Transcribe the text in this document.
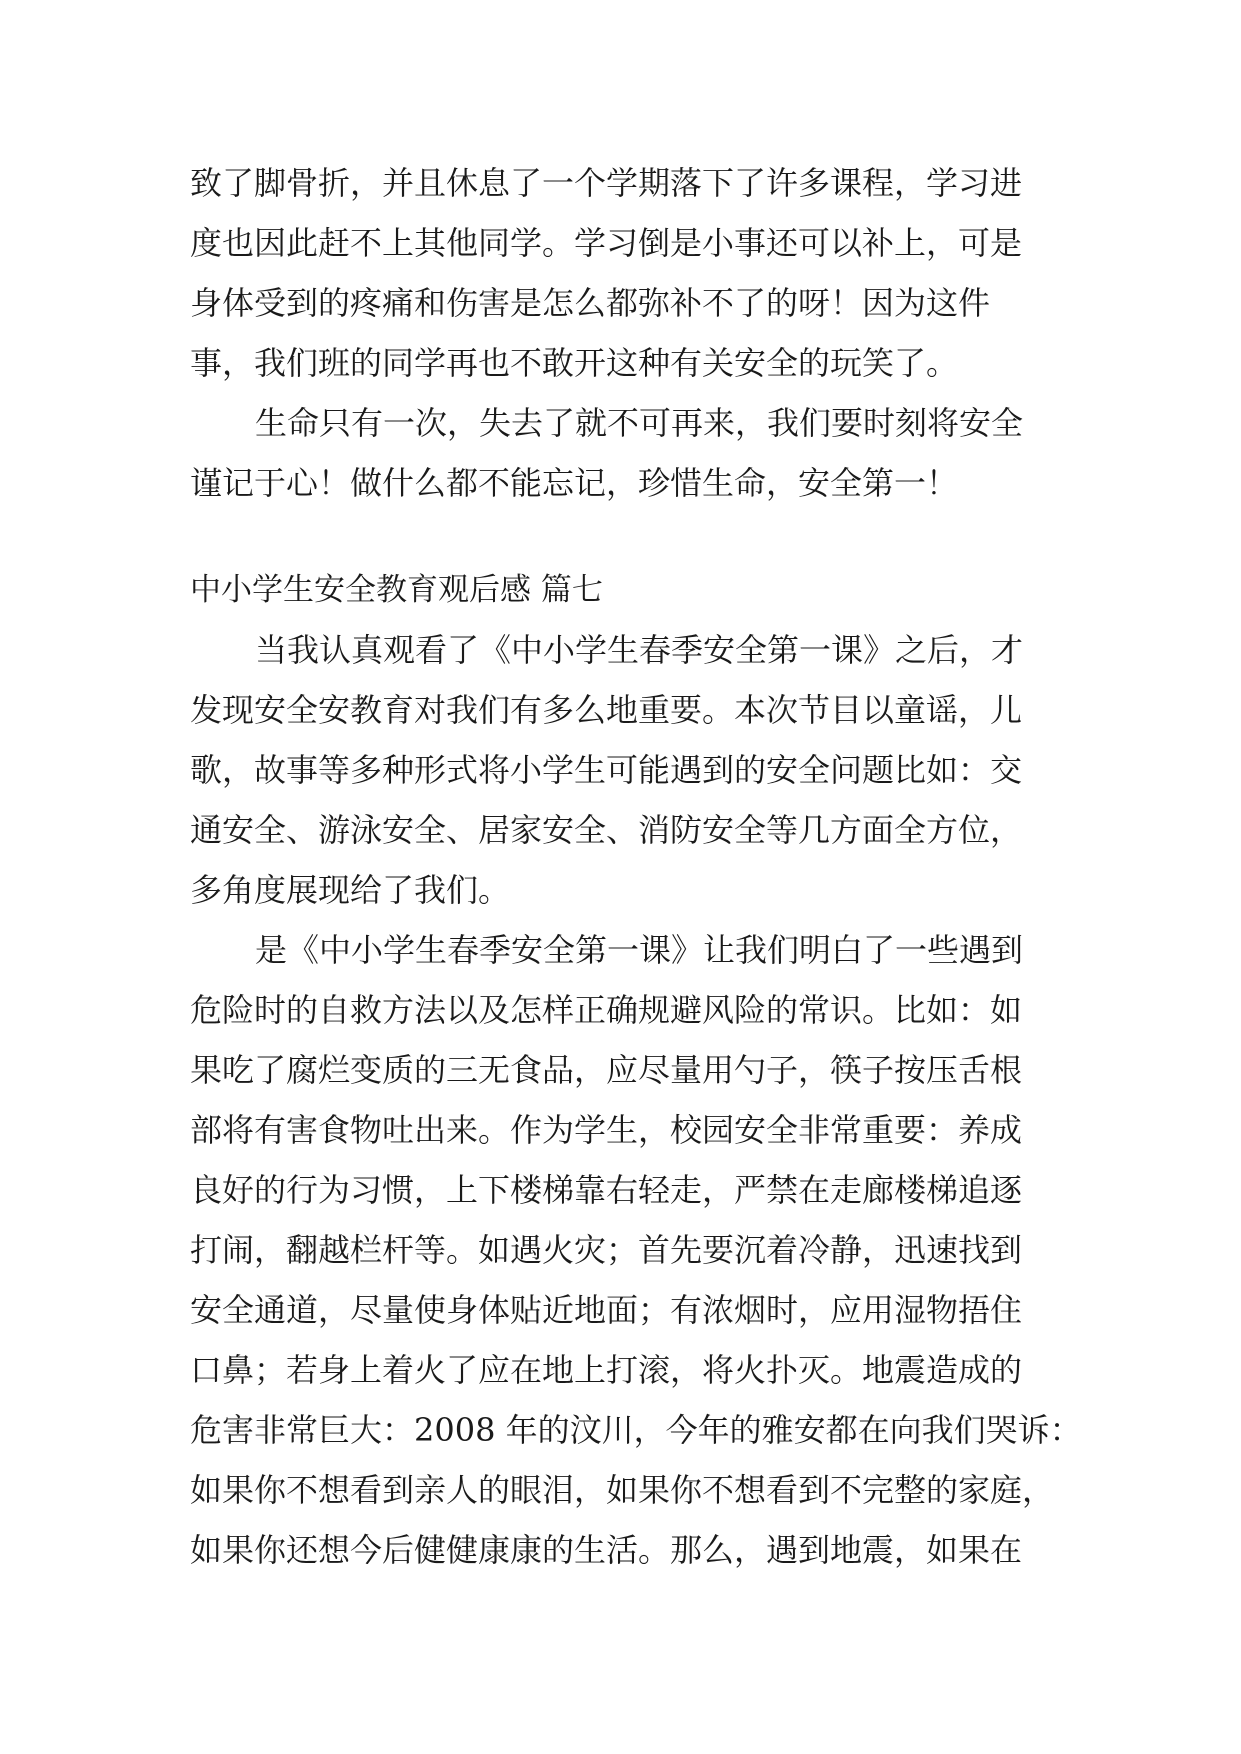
致了脚骨折，并且休息了一个学期落下了许多课程，学习进

度也因此赶不上其他同学。学习倒是小事还可以补上，可是

身体受到的疼痛和伤害是怎么都弥补不了的呀！因为这件

事，我们班的同学再也不敢开这种有关安全的玩笑了。

生命只有一次，失去了就不可再来，我们要时刻将安全

谨记于心！做什么都不能忘记，珍惜生命，安全第一！

中小学生安全教育观后感 篇七

当我认真观看了《中小学生春季安全第一课》之后，才

发现安全安教育对我们有多么地重要。本次节目以童谣，儿

歌，故事等多种形式将小学生可能遇到的安全问题比如：交

通安全、游泳安全、居家安全、消防安全等几方面全方位，

多角度展现给了我们。

是《中小学生春季安全第一课》让我们明白了一些遇到

危险时的自救方法以及怎样正确规避风险的常识。比如：如

果吃了腐烂变质的三无食品，应尽量用勺子，筷子按压舌根

部将有害食物吐出来。作为学生，校园安全非常重要：养成

良好的行为习惯，上下楼梯靠右轻走，严禁在走廊楼梯追逐

打闹，翻越栏杆等。如遇火灾；首先要沉着冷静，迅速找到

安全通道，尽量使身体贴近地面；有浓烟时，应用湿物捂住

口鼻；若身上着火了应在地上打滚，将火扑灭。地震造成的

危害非常巨大：2008 年的汶川，今年的雅安都在向我们哭诉：

如果你不想看到亲人的眼泪，如果你不想看到不完整的家庭，

如果你还想今后健健康康的生活。那么，遇到地震，如果在
